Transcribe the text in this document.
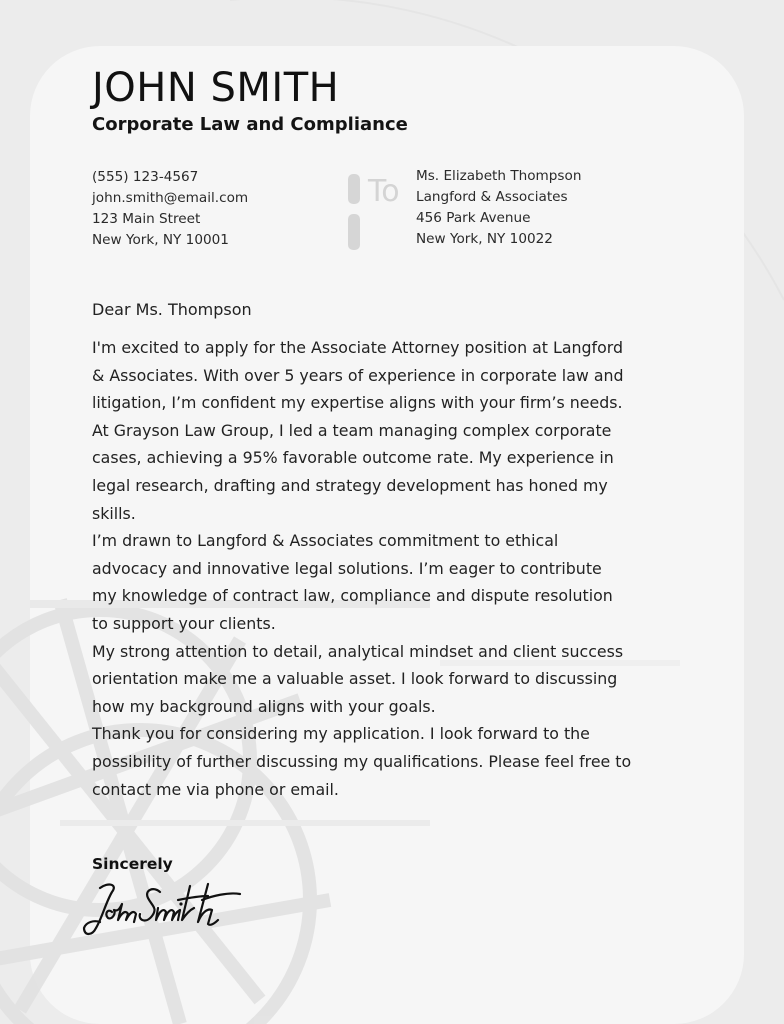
JOHN SMITH
Corporate Law and Compliance
(555) 123-4567
john.smith@email.com
123 Main Street
New York, NY 10001
To Ms. Elizabeth Thompson
Langford & Associates
456 Park Avenue
New York, NY 10022
Dear Ms. Thompson

I'm excited to apply for the Associate Attorney position at Langford

& Associates. With over 5 years of experience in corporate law and

litigation, I’m confident my expertise aligns with your firm’s needs.

At Grayson Law Group, I led a team managing complex corporate

cases, achieving a 95% favorable outcome rate. My experience in

legal research, drafting and strategy development has honed my

skills.

I’m drawn to Langford & Associates commitment to ethical

advocacy and innovative legal solutions. I’m eager to contribute

my knowledge of contract law, compliance and dispute resolution

to support your clients.

My strong attention to detail, analytical mindset and client success

orientation make me a valuable asset. I look forward to discussing

how my background aligns with your goals.

Thank you for considering my application. I look forward to the

possibility of further discussing my qualifications. Please feel free to

contact me via phone or email.

Sincerely
